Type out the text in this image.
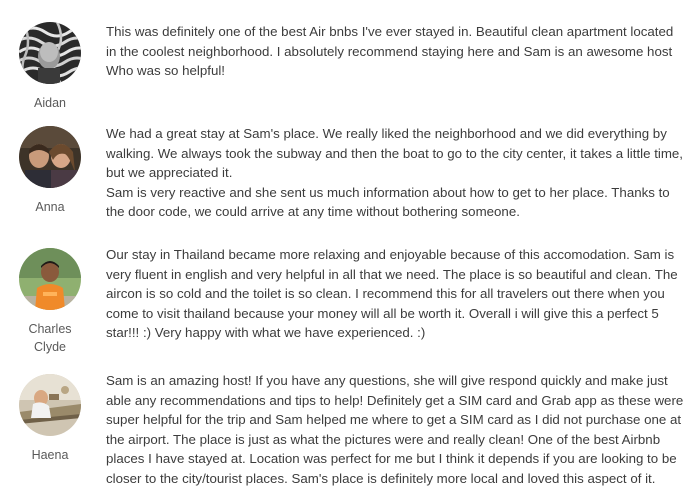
Aidan
This was definitely one of the best Air bnbs I've ever stayed in. Beautiful clean apartment located in the coolest neighborhood. I absolutely recommend staying here and Sam is an awesome host Who was so helpful!
Anna
We had a great stay at Sam's place. We really liked the neighborhood and we did everything by walking. We always took the subway and then the boat to go to the city center, it takes a little time, but we appreciated it.
Sam is very reactive and she sent us much information about how to get to her place. Thanks to the door code, we could arrive at any time without bothering someone.
Charles Clyde
Our stay in Thailand became more relaxing and enjoyable because of this accomodation. Sam is very fluent in english and very helpful in all that we need. The place is so beautiful and clean. The aircon is so cold and the toilet is so clean. I recommend this for all travelers out there when you come to visit thailand because your money will all be worth it. Overall i will give this a perfect 5 star!!! :) Very happy with what we have experienced. :)
Haena
Sam is an amazing host! If you have any questions, she will give respond quickly and make just able any recommendations and tips to help! Definitely get a SIM card and Grab app as these were super helpful for the trip and Sam helped me where to get a SIM card as I did not purchase one at the airport. The place is just as what the pictures were and really clean! One of the best Airbnb places I have stayed at. Location was perfect for me but I think it depends if you are looking to be closer to the city/tourist places. Sam's place is definitely more local and loved this aspect of it.
